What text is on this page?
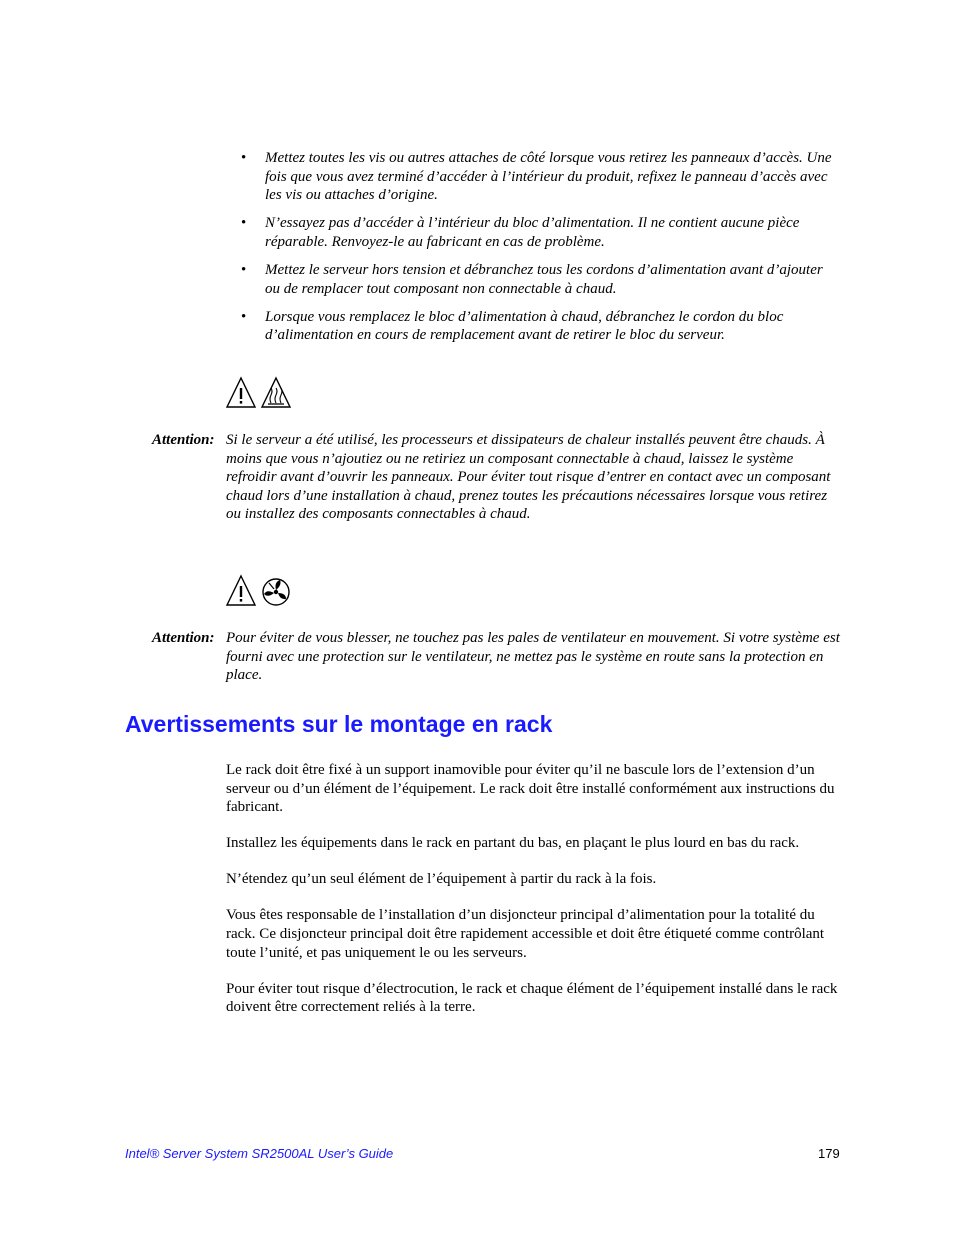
• Mettez toutes les vis ou autres attaches de côté lorsque vous retirez les panneaux d’accès. Une fois que vous avez terminé d’accéder à l’intérieur du produit, refixez le panneau d’accès avec les vis ou attaches d’origine.
• N’essayez pas d’accéder à l’intérieur du bloc d’alimentation. Il ne contient aucune pièce réparable. Renvoyez-le au fabricant en cas de problème.
• Mettez le serveur hors tension et débranchez tous les cordons d’alimentation avant d’ajouter ou de remplacer tout composant non connectable à chaud.
• Lorsque vous remplacez le bloc d’alimentation à chaud, débranchez le cordon du bloc d’alimentation en cours de remplacement avant de retirer le bloc du serveur.
Attention: Si le serveur a été utilisé, les processeurs et dissipateurs de chaleur installés peuvent être chauds. À moins que vous n’ajoutiez ou ne retiriez un composant connectable à chaud, laissez le système refroidir avant d’ouvrir les panneaux. Pour éviter tout risque d’entrer en contact avec un composant chaud lors d’une installation à chaud, prenez toutes les précautions nécessaires lorsque vous retirez ou installez des composants connectables à chaud.
Attention: Pour éviter de vous blesser, ne touchez pas les pales de ventilateur en mouvement. Si votre système est fourni avec une protection sur le ventilateur, ne mettez pas le système en route sans la protection en place.
Avertissements sur le montage en rack

Le rack doit être fixé à un support inamovible pour éviter qu’il ne bascule lors de l’extension d’un serveur ou d’un élément de l’équipement. Le rack doit être installé conformément aux instructions du fabricant.

Installez les équipements dans le rack en partant du bas, en plaçant le plus lourd en bas du rack.

N’étendez qu’un seul élément de l’équipement à partir du rack à la fois.

Vous êtes responsable de l’installation d’un disjoncteur principal d’alimentation pour la totalité du rack. Ce disjoncteur principal doit être rapidement accessible et doit être étiqueté comme contrôlant toute l’unité, et pas uniquement le ou les serveurs.

Pour éviter tout risque d’électrocution, le rack et chaque élément de l’équipement installé dans le rack doivent être correctement reliés à la terre.

Intel® Server System SR2500AL User’s Guide	179
